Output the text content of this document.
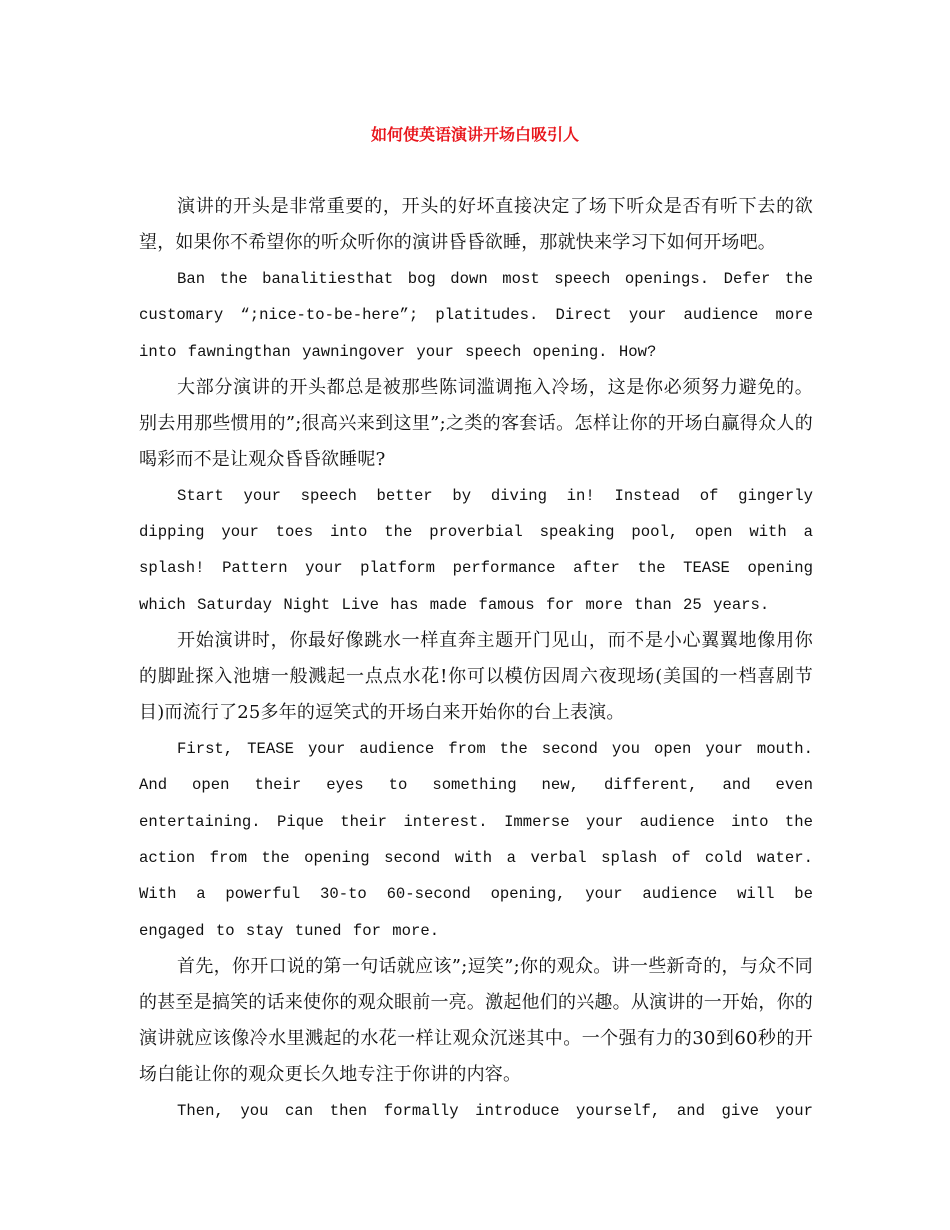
如何使英语演讲开场白吸引人

演讲的开头是非常重要的，开头的好坏直接决定了场下听众是否有听下去的欲望，如果你不希望你的听众听你的演讲昏昏欲睡，那就快来学习下如何开场吧。

Ban the banalitiesthat bog down most speech openings. Defer the customary “;nice-to-be-here”; platitudes. Direct your audience more into fawningthan yawningover your speech opening. How?

大部分演讲的开头都总是被那些陈词滥调拖入冷场，这是你必须努力避免的。别去用那些惯用的”;很高兴来到这里”;之类的客套话。怎样让你的开场白赢得众人的喝彩而不是让观众昏昏欲睡呢?

Start your speech better by diving in! Instead of gingerly dipping your toes into the proverbial speaking pool, open with a splash! Pattern your platform performance after the TEASE opening which Saturday Night Live has made famous for more than 25 years.

开始演讲时，你最好像跳水一样直奔主题开门见山，而不是小心翼翼地像用你的脚趾探入池塘一般溅起一点点水花!你可以模仿因周六夜现场(美国的一档喜剧节目)而流行了25多年的逗笑式的开场白来开始你的台上表演。

First, TEASE your audience from the second you open your mouth. And open their eyes to something new, different, and even entertaining. Pique their interest. Immerse your audience into the action from the opening second with a verbal splash of cold water. With a powerful 30-to 60-second opening, your audience will be engaged to stay tuned for more.

首先，你开口说的第一句话就应该”;逗笑”;你的观众。讲一些新奇的，与众不同的甚至是搞笑的话来使你的观众眼前一亮。激起他们的兴趣。从演讲的一开始，你的演讲就应该像冷水里溅起的水花一样让观众沉迷其中。一个强有力的30到60秒的开场白能让你的观众更长久地专注于你讲的内容。

Then, you can then formally introduce yourself, and give your
